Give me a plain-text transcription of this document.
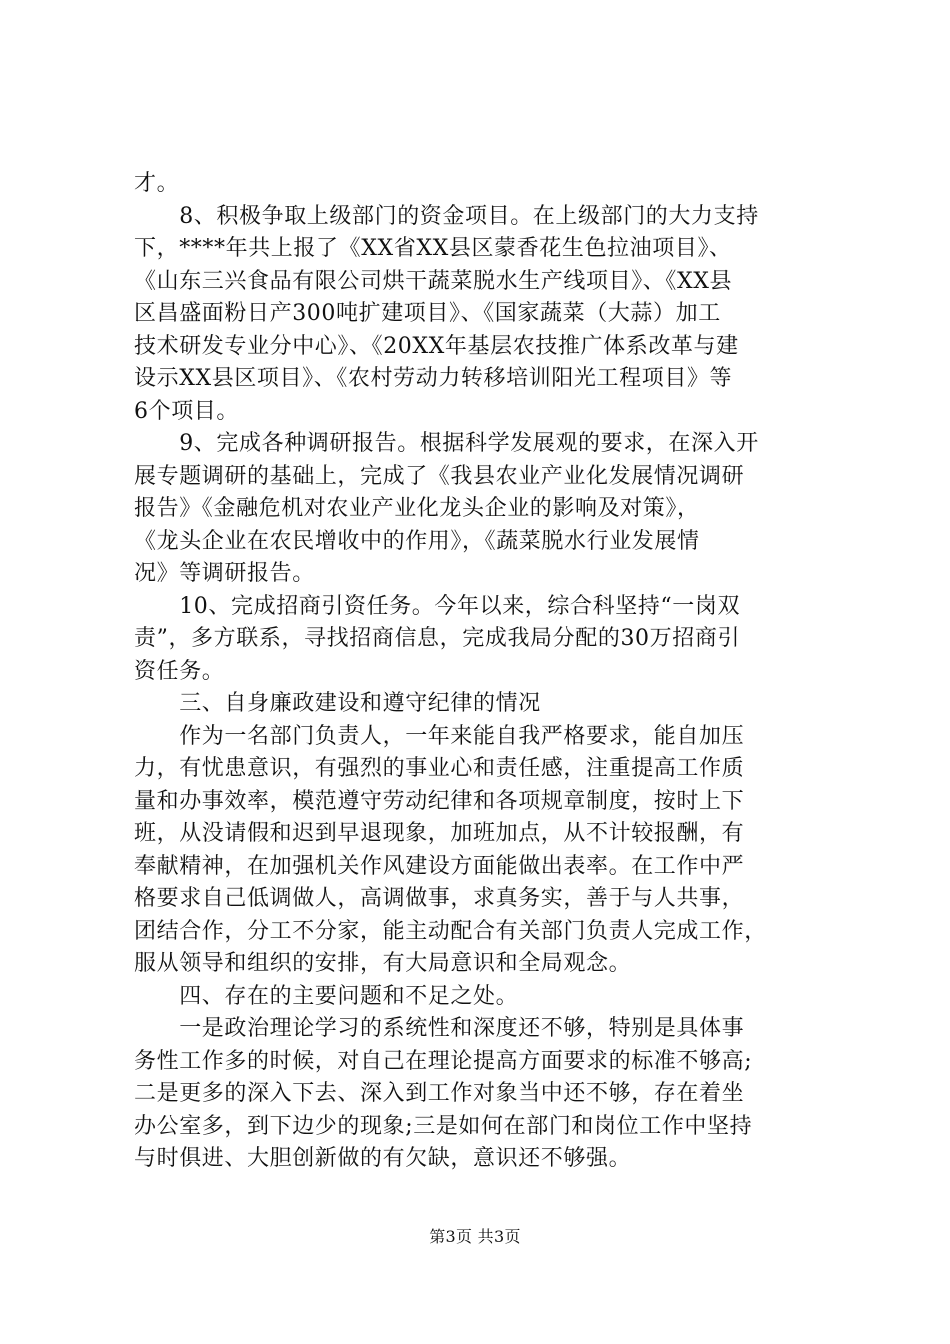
才。
　　8、积极争取上级部门的资金项目。在上级部门的大力支持
下，****年共上报了《XX省XX县区蒙香花生色拉油项目》、
《山东三兴食品有限公司烘干蔬菜脱水生产线项目》、《XX县
区昌盛面粉日产300吨扩建项目》、《国家蔬菜（大蒜）加工
技术研发专业分中心》、《20XX年基层农技推广体系改革与建
设示XX县区项目》、《农村劳动力转移培训阳光工程项目》等
6个项目。
　　9、完成各种调研报告。根据科学发展观的要求，在深入开
展专题调研的基础上，完成了《我县农业产业化发展情况调研
报告》《金融危机对农业产业化龙头企业的影响及对策》，
《龙头企业在农民增收中的作用》，《蔬菜脱水行业发展情
况》等调研报告。
　　10、完成招商引资任务。今年以来，综合科坚持“一岗双
责”，多方联系，寻找招商信息，完成我局分配的30万招商引
资任务。
　　三、自身廉政建设和遵守纪律的情况
　　作为一名部门负责人，一年来能自我严格要求，能自加压
力，有忧患意识，有强烈的事业心和责任感，注重提高工作质
量和办事效率，模范遵守劳动纪律和各项规章制度，按时上下
班，从没请假和迟到早退现象，加班加点，从不计较报酬，有
奉献精神，在加强机关作风建设方面能做出表率。在工作中严
格要求自己低调做人，高调做事，求真务实，善于与人共事，
团结合作，分工不分家，能主动配合有关部门负责人完成工作，
服从领导和组织的安排，有大局意识和全局观念。
　　四、存在的主要问题和不足之处。
　　一是政治理论学习的系统性和深度还不够，特别是具体事
务性工作多的时候，对自己在理论提高方面要求的标准不够高;
二是更多的深入下去、深入到工作对象当中还不够，存在着坐
办公室多，到下边少的现象;三是如何在部门和岗位工作中坚持
与时俱进、大胆创新做的有欠缺，意识还不够强。
第3页 共3页
